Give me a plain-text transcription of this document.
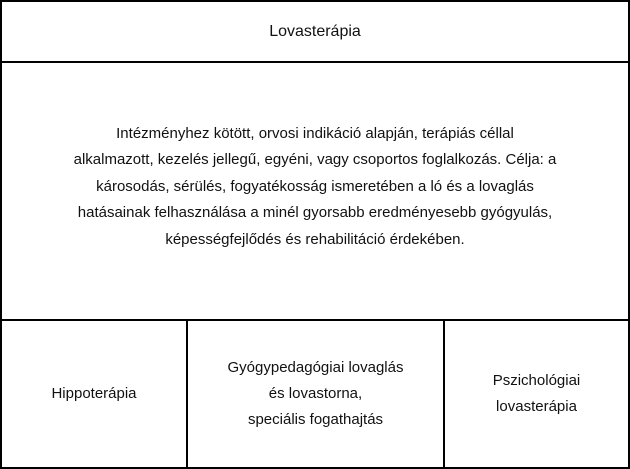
Lovasterápia
Intézményhez kötött, orvosi indikáció alapján, terápiás céllal
alkalmazott, kezelés jellegű, egyéni, vagy csoportos foglalkozás. Célja: a
károsodás, sérülés, fogyatékosság ismeretében a ló és a lovaglás
hatásainak felhasználása a minél gyorsabb eredményesebb gyógyulás,
képességfejlődés és rehabilitáció érdekében.
Hippoterápia
Gyógypedagógiai lovaglás
és lovastorna,
speciális fogathajtás
Pszichológiai
lovasterápia
